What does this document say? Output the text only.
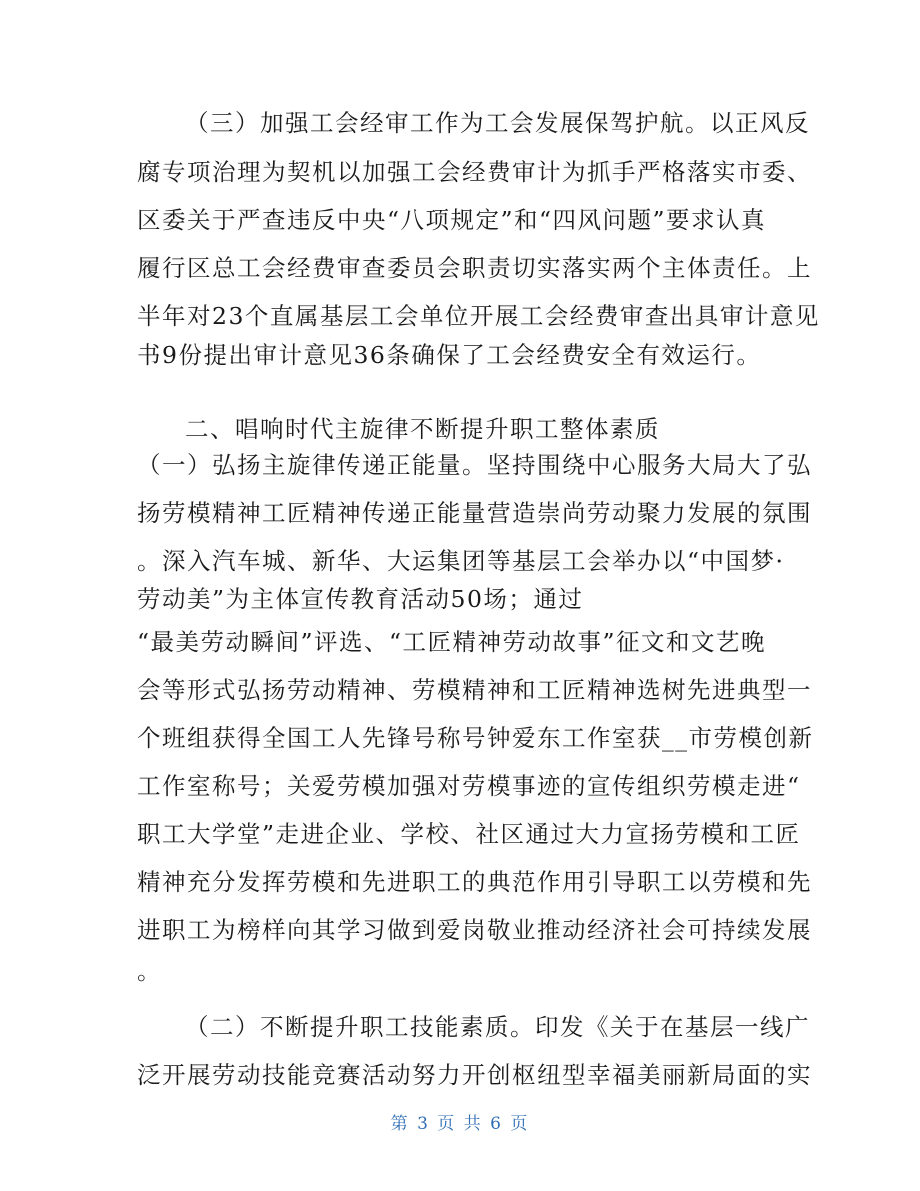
（三）加强工会经审工作为工会发展保驾护航。以正风反
腐专项治理为契机以加强工会经费审计为抓手严格落实市委、
区委关于严查违反中央“八项规定”和“四风问题”要求认真
履行区总工会经费审查委员会职责切实落实两个主体责任。上
半年对23个直属基层工会单位开展工会经费审查出具审计意见
书9份提出审计意见36条确保了工会经费安全有效运行。
二、唱响时代主旋律不断提升职工整体素质
（一）弘扬主旋律传递正能量。坚持围绕中心服务大局大了弘
扬劳模精神工匠精神传递正能量营造崇尚劳动聚力发展的氛围
。深入汽车城、新华、大运集团等基层工会举办以“中国梦·
劳动美”为主体宣传教育活动50场；通过
“最美劳动瞬间”评选、“工匠精神劳动故事”征文和文艺晚
会等形式弘扬劳动精神、劳模精神和工匠精神选树先进典型一
个班组获得全国工人先锋号称号钟爱东工作室获__市劳模创新
工作室称号；关爱劳模加强对劳模事迹的宣传组织劳模走进“
职工大学堂”走进企业、学校、社区通过大力宣扬劳模和工匠
精神充分发挥劳模和先进职工的典范作用引导职工以劳模和先
进职工为榜样向其学习做到爱岗敬业推动经济社会可持续发展
。
（二）不断提升职工技能素质。印发《关于在基层一线广
泛开展劳动技能竞赛活动努力开创枢纽型幸福美丽新局面的实
第 3 页 共 6 页
